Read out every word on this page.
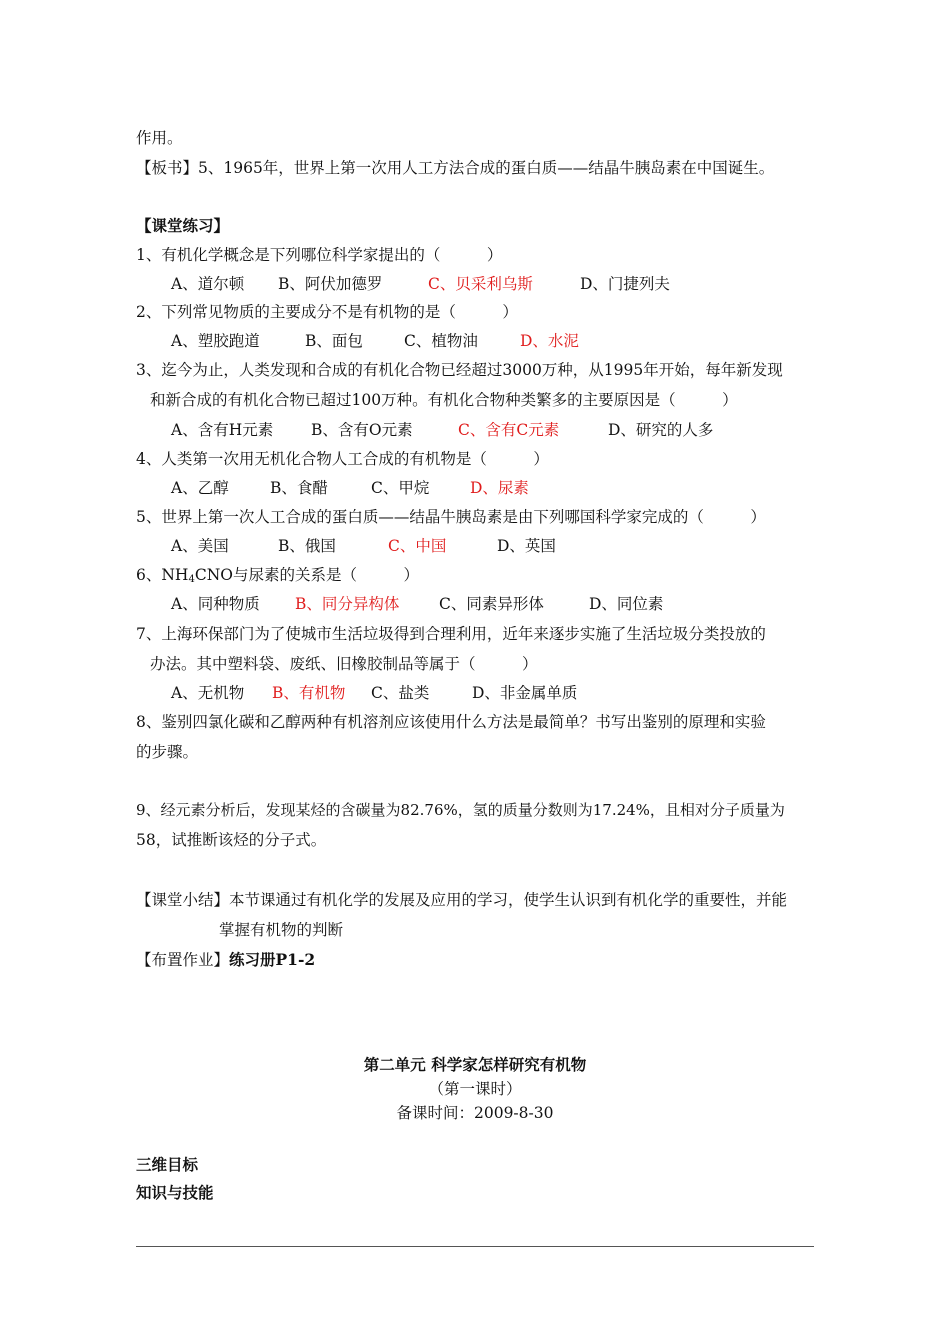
作用。
【板书】5、1965年，世界上第一次用人工方法合成的蛋白质——结晶牛胰岛素在中国诞生。
【课堂练习】
1、有机化学概念是下列哪位科学家提出的（　　　）
A、道尔顿 B、阿伏加德罗	C、贝采利乌斯	D、门捷列夫
2、下列常见物质的主要成分不是有机物的是（　　　）
A、塑胶跑道	B、面包	C、植物油	D、水泥
3、迄今为止，人类发现和合成的有机化合物已经超过3000万种，从1995年开始，每年新发现
和新合成的有机化合物已超过100万种。有机化合物种类繁多的主要原因是（　　　）
A、含有H元素 B、含有O元素	C、含有C元素	D、研究的人多
4、人类第一次用无机化合物人工合成的有机物是（　　　）
A、乙醇	B、食醋	C、甲烷	D、尿素
5、世界上第一次人工合成的蛋白质——结晶牛胰岛素是由下列哪国科学家完成的（　　　）
A、美国	B、俄国	C、中国	D、英国
6、$NH_4CNO$与尿素的关系是（　　　）
A、同种物质 B、同分异构体	C、同素异形体	D、同位素
7、上海环保部门为了使城市生活垃圾得到合理利用，近年来逐步实施了生活垃圾分类投放的
办法。其中塑料袋、废纸、旧橡胶制品等属于（　　　）
A、无机物 B、有机物 C、盐类	D、非金属单质
8、鉴别四氯化碳和乙醇两种有机溶剂应该使用什么方法是最简单？书写出鉴别的原理和实验
的步骤。
9、经元素分析后，发现某烃的含碳量为82.76%，氢的质量分数则为17.24%，且相对分子质量为
58，试推断该烃的分子式。
【课堂小结】本节课通过有机化学的发展及应用的学习，使学生认识到有机化学的重要性，并能
掌握有机物的判断
【布置作业】练习册P1-2
第二单元 科学家怎样研究有机物
（第一课时）
备课时间：2009-8-30
三维目标
知识与技能
